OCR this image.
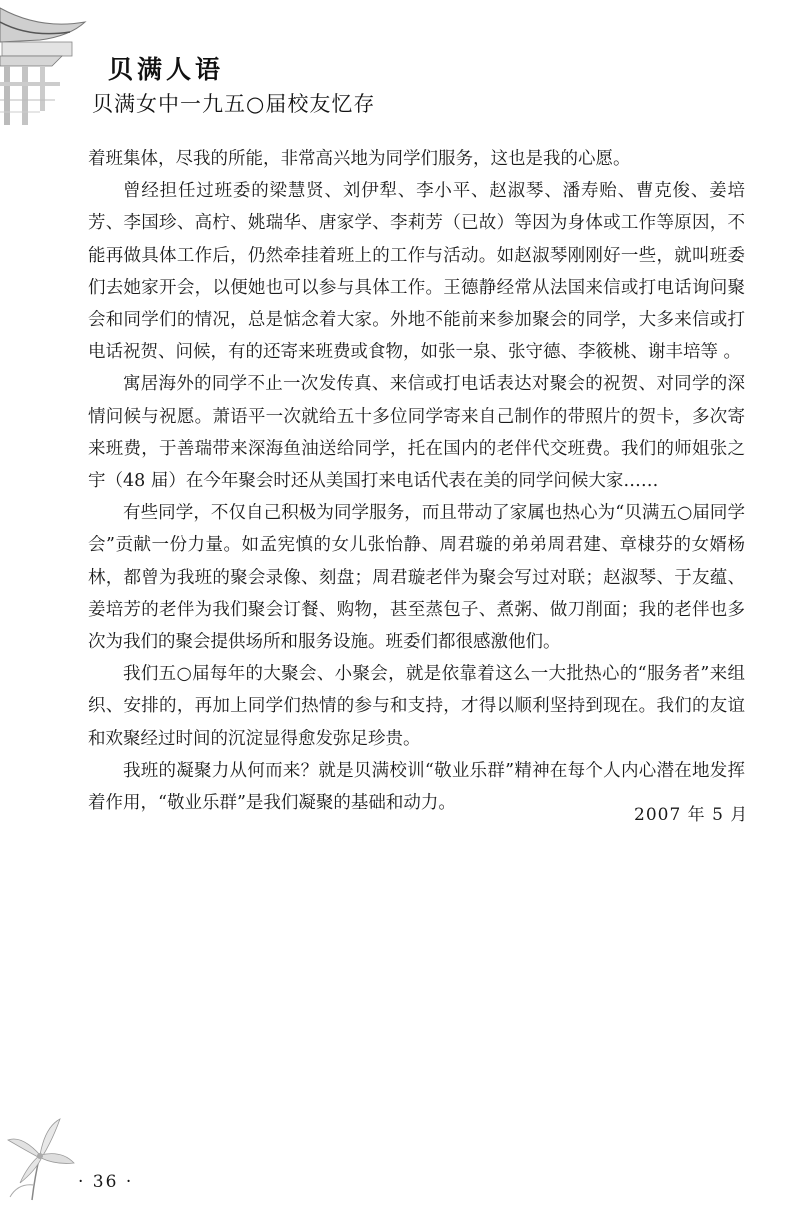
贝满人语
贝满女中一九五○届校友忆存

着班集体，尽我的所能，非常高兴地为同学们服务，这也是我的心愿。

曾经担任过班委的梁慧贤、刘伊犁、李小平、赵淑琴、潘寿贻、曹克俊、姜培芳、李国珍、高柠、姚瑞华、唐家学、李莉芳（已故）等因为身体或工作等原因，不能再做具体工作后，仍然牵挂着班上的工作与活动。如赵淑琴刚刚好一些，就叫班委们去她家开会，以便她也可以参与具体工作。王德静经常从法国来信或打电话询问聚会和同学们的情况，总是惦念着大家。外地不能前来参加聚会的同学，大多来信或打电话祝贺、问候，有的还寄来班费或食物，如张一泉、张守德、李筱桃、谢丰培等 。

寓居海外的同学不止一次发传真、来信或打电话表达对聚会的祝贺、对同学的深情问候与祝愿。萧语平一次就给五十多位同学寄来自己制作的带照片的贺卡，多次寄来班费，于善瑞带来深海鱼油送给同学，托在国内的老伴代交班费。我们的师姐张之宇（48 届）在今年聚会时还从美国打来电话代表在美的同学问候大家……

有些同学，不仅自己积极为同学服务，而且带动了家属也热心为“贝满五○届同学会”贡献一份力量。如孟宪慎的女儿张怡静、周君璇的弟弟周君建、章棣芬的女婿杨林，都曾为我班的聚会录像、刻盘；周君璇老伴为聚会写过对联；赵淑琴、于友蕴、姜培芳的老伴为我们聚会订餐、购物，甚至蒸包子、煮粥、做刀削面；我的老伴也多次为我们的聚会提供场所和服务设施。班委们都很感激他们。

我们五○届每年的大聚会、小聚会，就是依靠着这么一大批热心的“服务者”来组织、安排的，再加上同学们热情的参与和支持，才得以顺利坚持到现在。我们的友谊和欢聚经过时间的沉淀显得愈发弥足珍贵。

我班的凝聚力从何而来？就是贝满校训“敬业乐群”精神在每个人内心潜在地发挥着作用，“敬业乐群”是我们凝聚的基础和动力。

2007 年 5 月
· 36 ·
